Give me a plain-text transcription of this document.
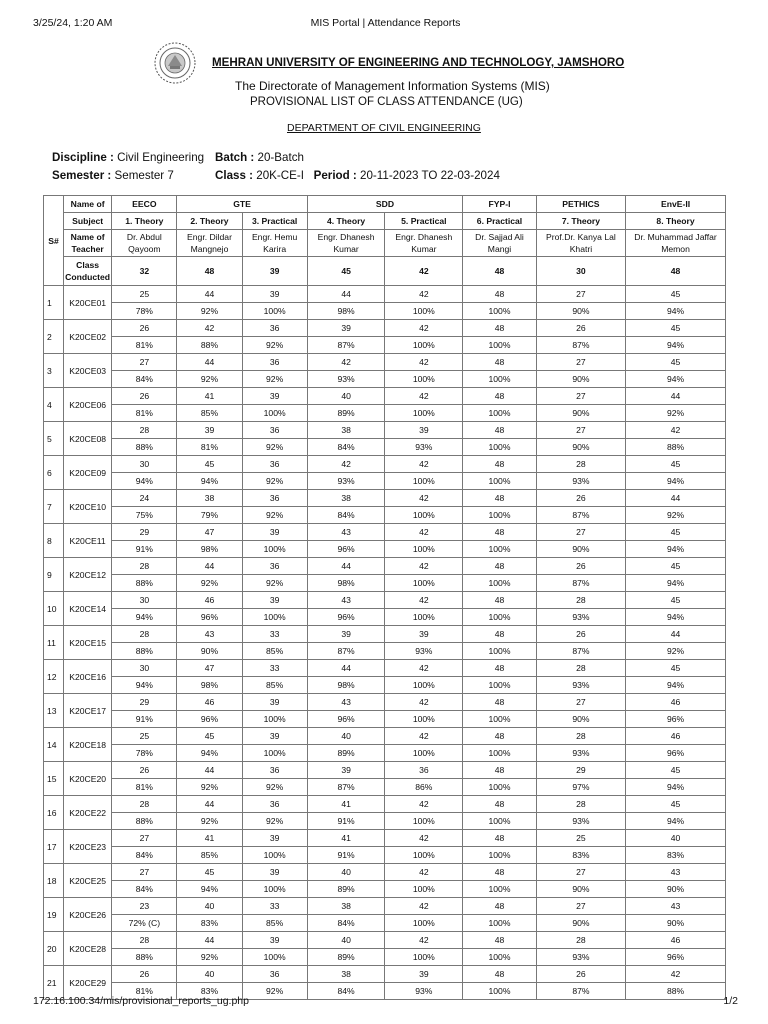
3/25/24, 1:20 AM	MIS Portal | Attendance Reports
MEHRAN UNIVERSITY OF ENGINEERING AND TECHNOLOGY, JAMSHORO
The Directorate of Management Information Systems (MIS)
PROVISIONAL LIST OF CLASS ATTENDANCE (UG)
DEPARTMENT OF CIVIL ENGINEERING
Discipline : Civil Engineering Batch : 20-Batch
Semester : Semester 7	Class : 20K-CE-I Period : 20-11-2023 TO 22-03-2024
S#	Name of	EECO	GTE		SDD		FYP-I	PETHICS	EnvE-II
	Subject	1. Theory	2. Theory	3. Practical	4. Theory	5. Practical	6. Practical	7. Theory	8. Theory
	Name of Teacher	Dr. Abdul Qayoom	Engr. Dildar Mangnejo	Engr. Hemu Karira	Engr. Dhanesh Kumar	Engr. Dhanesh Kumar	Dr. Sajjad Ali Mangi	Prof.Dr. Kanya Lal Khatri	Dr. Muhammad Jaffar Memon
	Class Conducted	32	48	39	45	42	48	30	48
1	K20CE01	25	44	39	44	42	48	27	45
		78%	92%	100%	98%	100%	100%	90%	94%
2	K20CE02	26	42	36	39	42	48	26	45
		81%	88%	92%	87%	100%	100%	87%	94%
3	K20CE03	27	44	36	42	42	48	27	45
		84%	92%	92%	93%	100%	100%	90%	94%
4	K20CE06	26	41	39	40	42	48	27	44
		81%	85%	100%	89%	100%	100%	90%	92%
5	K20CE08	28	39	36	38	39	48	27	42
		88%	81%	92%	84%	93%	100%	90%	88%
6	K20CE09	30	45	36	42	42	48	28	45
		94%	94%	92%	93%	100%	100%	93%	94%
7	K20CE10	24	38	36	38	42	48	26	44
		75%	79%	92%	84%	100%	100%	87%	92%
8	K20CE11	29	47	39	43	42	48	27	45
		91%	98%	100%	96%	100%	100%	90%	94%
9	K20CE12	28	44	36	44	42	48	26	45
		88%	92%	92%	98%	100%	100%	87%	94%
10	K20CE14	30	46	39	43	42	48	28	45
		94%	96%	100%	96%	100%	100%	93%	94%
11	K20CE15	28	43	33	39	39	48	26	44
		88%	90%	85%	87%	93%	100%	87%	92%
12	K20CE16	30	47	33	44	42	48	28	45
		94%	98%	85%	98%	100%	100%	93%	94%
13	K20CE17	29	46	39	43	42	48	27	46
		91%	96%	100%	96%	100%	100%	90%	96%
14	K20CE18	25	45	39	40	42	48	28	46
		78%	94%	100%	89%	100%	100%	93%	96%
15	K20CE20	26	44	36	39	36	48	29	45
		81%	92%	92%	87%	86%	100%	97%	94%
16	K20CE22	28	44	36	41	42	48	28	45
		88%	92%	92%	91%	100%	100%	93%	94%
17	K20CE23	27	41	39	41	42	48	25	40
		84%	85%	100%	91%	100%	100%	83%	83%
18	K20CE25	27	45	39	40	42	48	27	43
		84%	94%	100%	89%	100%	100%	90%	90%
19	K20CE26	23	40	33	38	42	48	27	43
		72% (C)	83%	85%	84%	100%	100%	90%	90%
20	K20CE28	28	44	39	40	42	48	28	46
		88%	92%	100%	89%	100%	100%	93%	96%
21	K20CE29	26	40	36	38	39	48	26	42
		81%	83%	92%	84%	93%	100%	87%	88%
172.16.100.34/mis/provisional_reports_ug.php	1/2
